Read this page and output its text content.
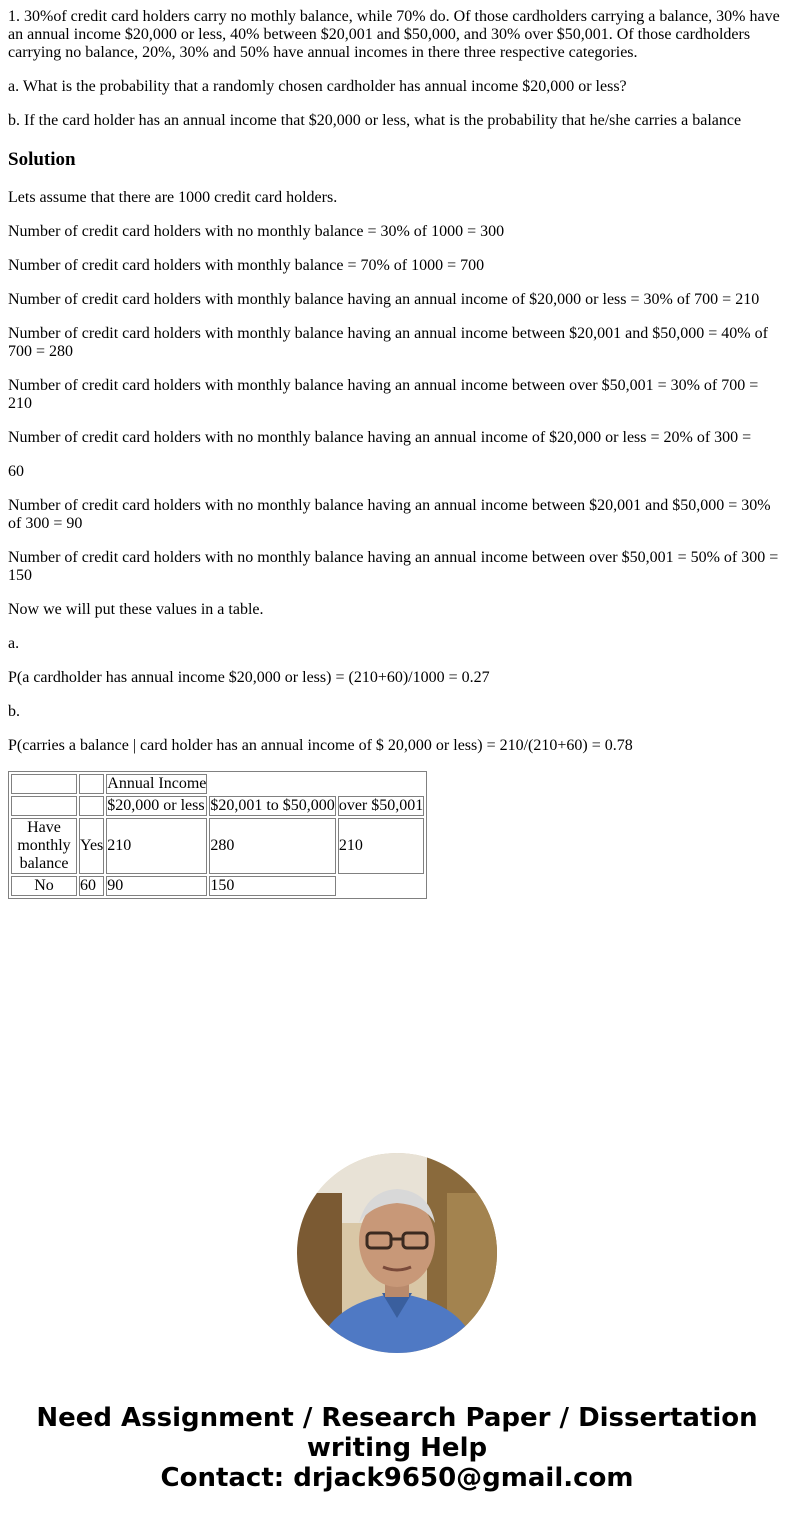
1. 30%of credit card holders carry no mothly balance, while 70% do. Of those cardholders carrying a balance, 30% have an annual income $20,000 or less, 40% between $20,001 and $50,000, and 30% over $50,001. Of those cardholders carrying no balance, 20%, 30% and 50% have annual incomes in there three respective categories.

a. What is the probability that a randomly chosen cardholder has annual income $20,000 or less?

b. If the card holder has an annual income that $20,000 or less, what is the probability that he/she carries a balance

Solution

Lets assume that there are 1000 credit card holders.

Number of credit card holders with no monthly balance = 30% of 1000 = 300

Number of credit card holders with monthly balance = 70% of 1000 = 700

Number of credit card holders with monthly balance having an annual income of $20,000 or less = 30% of 700 = 210

Number of credit card holders with monthly balance having an annual income between $20,001 and $50,000 = 40% of 700 = 280

Number of credit card holders with monthly balance having an annual income between over $50,001 = 30% of 700 = 210

Number of credit card holders with no monthly balance having an annual income of $20,000 or less = 20% of 300 =

60

Number of credit card holders with no monthly balance having an annual income between $20,001 and $50,000 = 30% of 300 = 90

Number of credit card holders with no monthly balance having an annual income between over $50,001 = 50% of 300 = 150

Now we will put these values in a table.

a.

P(a cardholder has annual income $20,000 or less) = (210+60)/1000 = 0.27

b.

P(carries a balance | card holder has an annual income of $ 20,000 or less) = 210/(210+60) = 0.78

		Annual Income		
		$20,000 or less	$20,001 to $50,000	over $50,001
Have monthly balance	Yes	210	280	210
No	60	90	150	
Need Assignment / Research Paper / Dissertation
writing Help
Contact: drjack9650@gmail.com
